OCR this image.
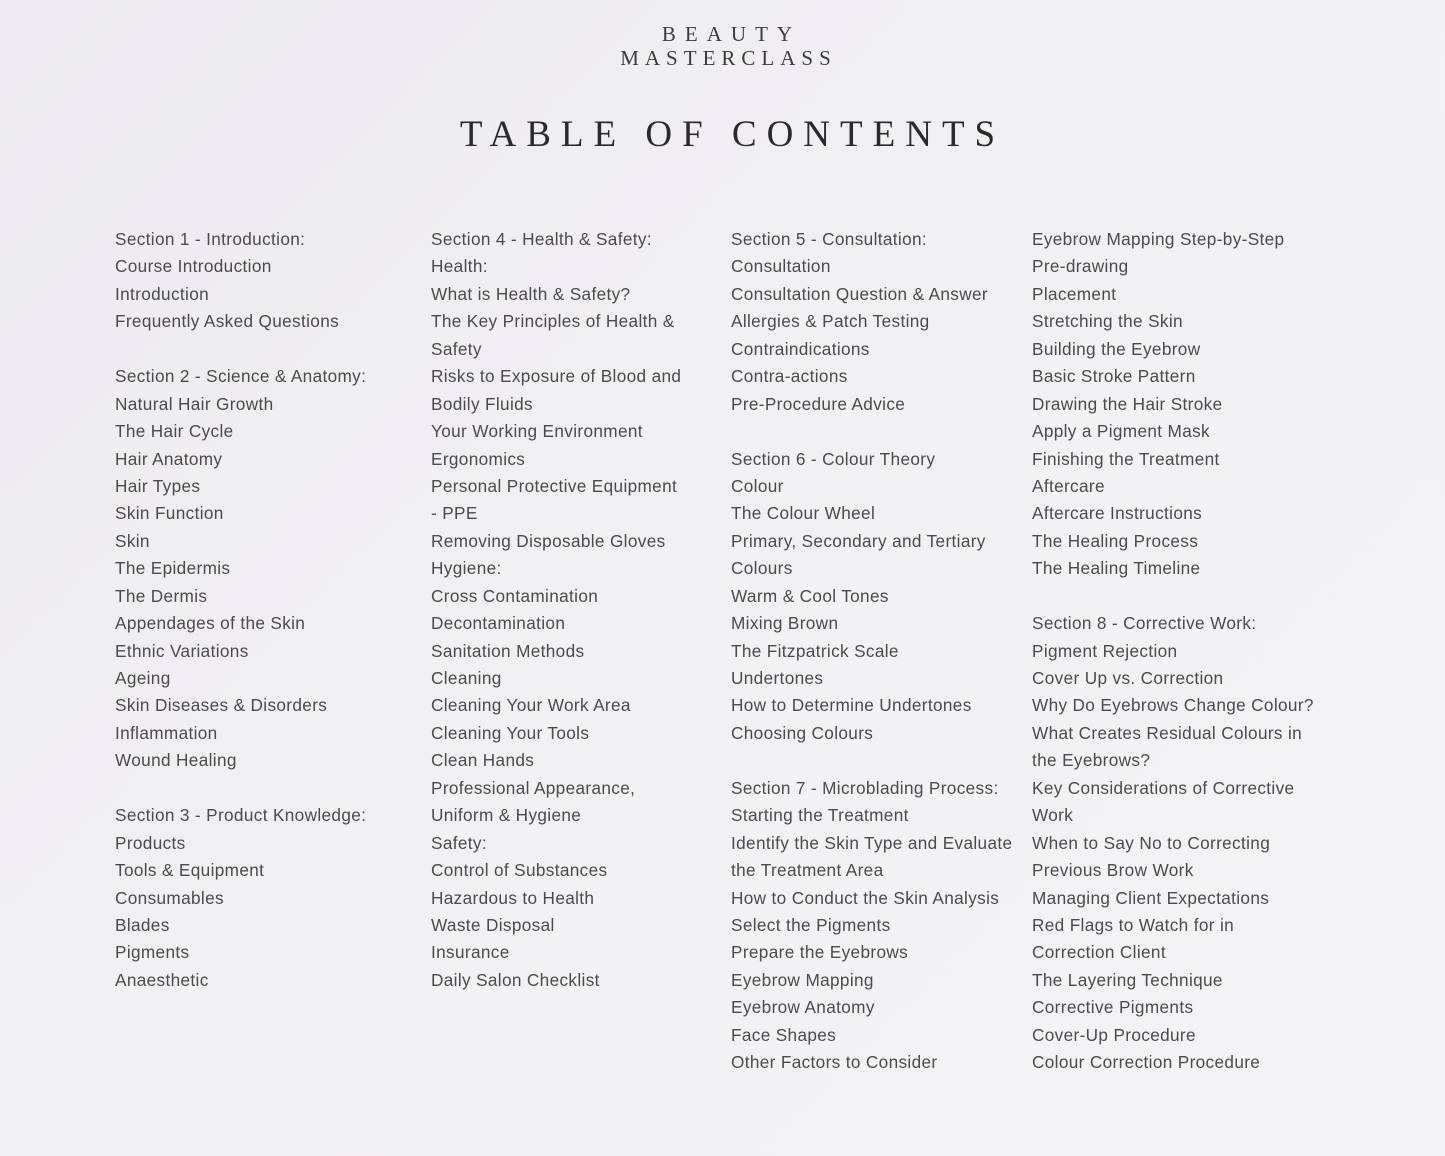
BEAUTY
MASTERCLASS
TABLE OF CONTENTS
Section 1 - Introduction:
Course Introduction
Introduction
Frequently Asked Questions
Section 2 - Science & Anatomy:
Natural Hair Growth
The Hair Cycle
Hair Anatomy
Hair Types
Skin Function
Skin
The Epidermis
The Dermis
Appendages of the Skin
Ethnic Variations
Ageing
Skin Diseases & Disorders
Inflammation
Wound Healing
Section 3 - Product Knowledge:
Products
Tools & Equipment
Consumables
Blades
Pigments
Anaesthetic
Section 4 - Health & Safety:
Health:
What is Health & Safety?
The Key Principles of Health &
Safety
Risks to Exposure of Blood and
Bodily Fluids
Your Working Environment
Ergonomics
Personal Protective Equipment
- PPE
Removing Disposable Gloves
Hygiene:
Cross Contamination
Decontamination
Sanitation Methods
Cleaning
Cleaning Your Work Area
Cleaning Your Tools
Clean Hands
Professional Appearance,
Uniform & Hygiene
Safety:
Control of Substances
Hazardous to Health
Waste Disposal
Insurance
Daily Salon Checklist
Section 5 - Consultation:
Consultation
Consultation Question & Answer
Allergies & Patch Testing
Contraindications
Contra-actions
Pre-Procedure Advice
Section 6 - Colour Theory
Colour
The Colour Wheel
Primary, Secondary and Tertiary
Colours
Warm & Cool Tones
Mixing Brown
The Fitzpatrick Scale
Undertones
How to Determine Undertones
Choosing Colours
Section 7 - Microblading Process:
Starting the Treatment
Identify the Skin Type and Evaluate
the Treatment Area
How to Conduct the Skin Analysis
Select the Pigments
Prepare the Eyebrows
Eyebrow Mapping
Eyebrow Anatomy
Face Shapes
Other Factors to Consider
Eyebrow Mapping Step-by-Step
Pre-drawing
Placement
Stretching the Skin
Building the Eyebrow
Basic Stroke Pattern
Drawing the Hair Stroke
Apply a Pigment Mask
Finishing the Treatment
Aftercare
Aftercare Instructions
The Healing Process
The Healing Timeline
Section 8 - Corrective Work:
Pigment Rejection
Cover Up vs. Correction
Why Do Eyebrows Change Colour?
What Creates Residual Colours in
the Eyebrows?
Key Considerations of Corrective
Work
When to Say No to Correcting
Previous Brow Work
Managing Client Expectations
Red Flags to Watch for in
Correction Client
The Layering Technique
Corrective Pigments
Cover-Up Procedure
Colour Correction Procedure
